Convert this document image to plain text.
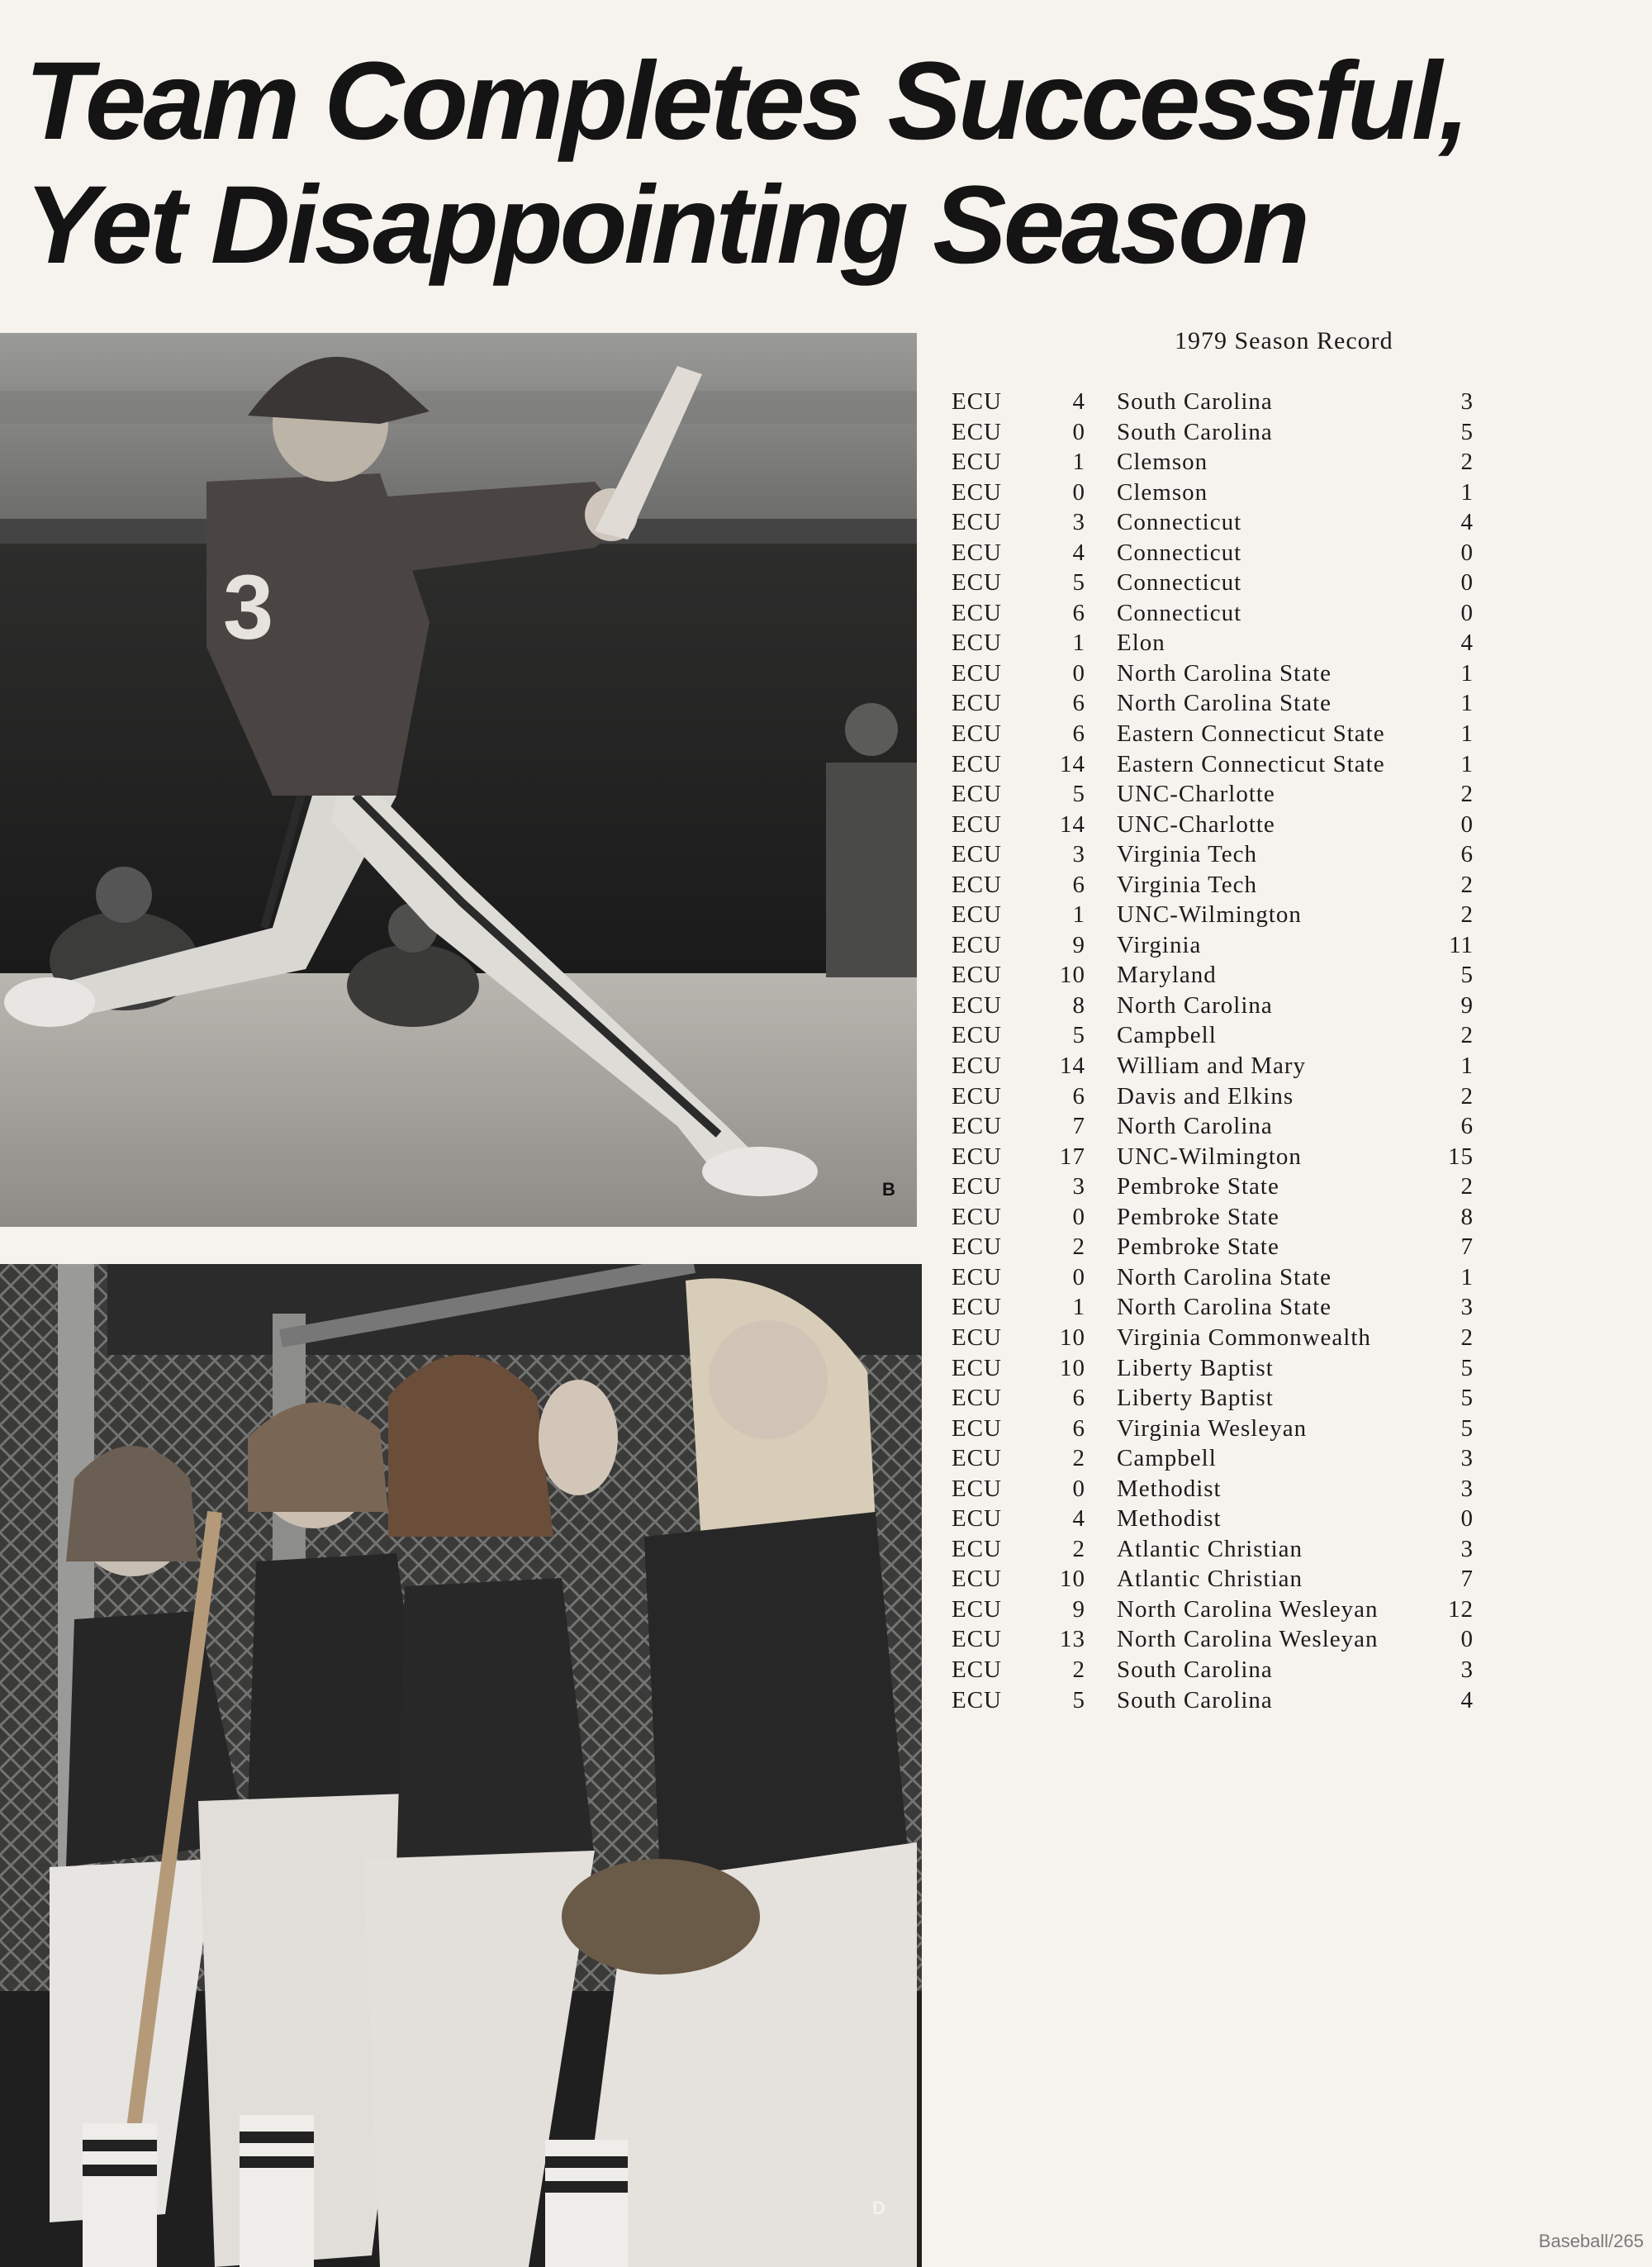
Team Completes Successful,
Yet Disappointing Season
3
B
D
1979 Season Record
ECU	4 South Carolina	3
ECU	0 South Carolina	5
ECU	1 Clemson	2
ECU	0 Clemson	1
ECU	3 Connecticut	4
ECU	4 Connecticut	0
ECU	5 Connecticut	0
ECU	6 Connecticut	0
ECU	1 Elon	4
ECU	0 North Carolina State	1
ECU	6 North Carolina State	1
ECU	6 Eastern Connecticut State	1
ECU	14 Eastern Connecticut State	1
ECU	5 UNC-Charlotte	2
ECU	14 UNC-Charlotte	0
ECU	3 Virginia Tech	6
ECU	6 Virginia Tech	2
ECU	1 UNC-Wilmington	2
ECU	9 Virginia	11
ECU	10 Maryland	5
ECU	8 North Carolina	9
ECU	5 Campbell	2
ECU	14 William and Mary	1
ECU	6 Davis and Elkins	2
ECU	7 North Carolina	6
ECU	17 UNC-Wilmington	15
ECU	3 Pembroke State	2
ECU	0 Pembroke State	8
ECU	2 Pembroke State	7
ECU	0 North Carolina State	1
ECU	1 North Carolina State	3
ECU	10 Virginia Commonwealth	2
ECU	10 Liberty Baptist	5
ECU	6 Liberty Baptist	5
ECU	6 Virginia Wesleyan	5
ECU	2 Campbell	3
ECU	0 Methodist	3
ECU	4 Methodist	0
ECU	2 Atlantic Christian	3
ECU	10 Atlantic Christian	7
ECU	9 North Carolina Wesleyan	12
ECU	13 North Carolina Wesleyan	0
ECU	2 South Carolina	3
ECU	5 South Carolina	4
Baseball/265
